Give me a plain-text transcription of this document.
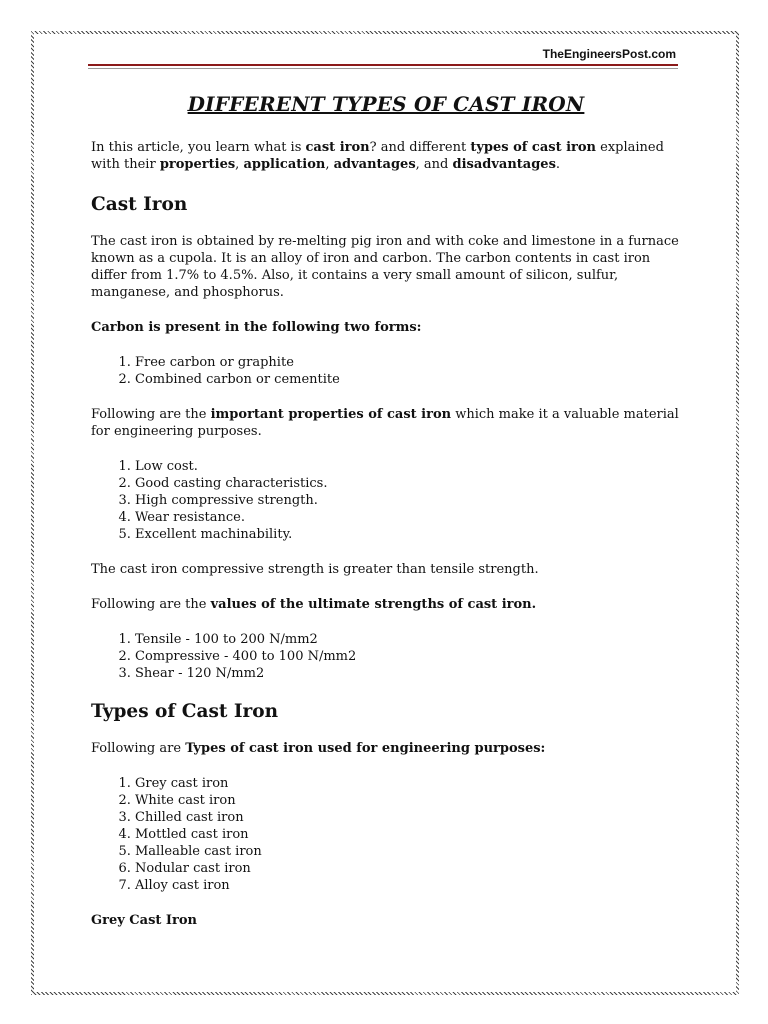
TheEngineersPost.com
DIFFERENT TYPES OF CAST IRON

In this article, you learn what is cast iron? and different types of cast iron explained with their properties, application, advantages, and disadvantages.

Cast Iron

The cast iron is obtained by re-melting pig iron and with coke and limestone in a furnace known as a cupola. It is an alloy of iron and carbon. The carbon contents in cast iron differ from 1.7% to 4.5%. Also, it contains a very small amount of silicon, sulfur, manganese, and phosphorus.

Carbon is present in the following two forms:

1. Free carbon or graphite
2. Combined carbon or cementite

Following are the important properties of cast iron which make it a valuable material for engineering purposes.

1. Low cost.
2. Good casting characteristics.
3. High compressive strength.
4. Wear resistance.
5. Excellent machinability.

The cast iron compressive strength is greater than tensile strength.

Following are the values of the ultimate strengths of cast iron.

1. Tensile - 100 to 200 N/mm2
2. Compressive - 400 to 100 N/mm2
3. Shear - 120 N/mm2
Types of Cast Iron

Following are Types of cast iron used for engineering purposes:

1. Grey cast iron
2. White cast iron
3. Chilled cast iron
4. Mottled cast iron
5. Malleable cast iron
6. Nodular cast iron
7. Alloy cast iron

Grey Cast Iron
